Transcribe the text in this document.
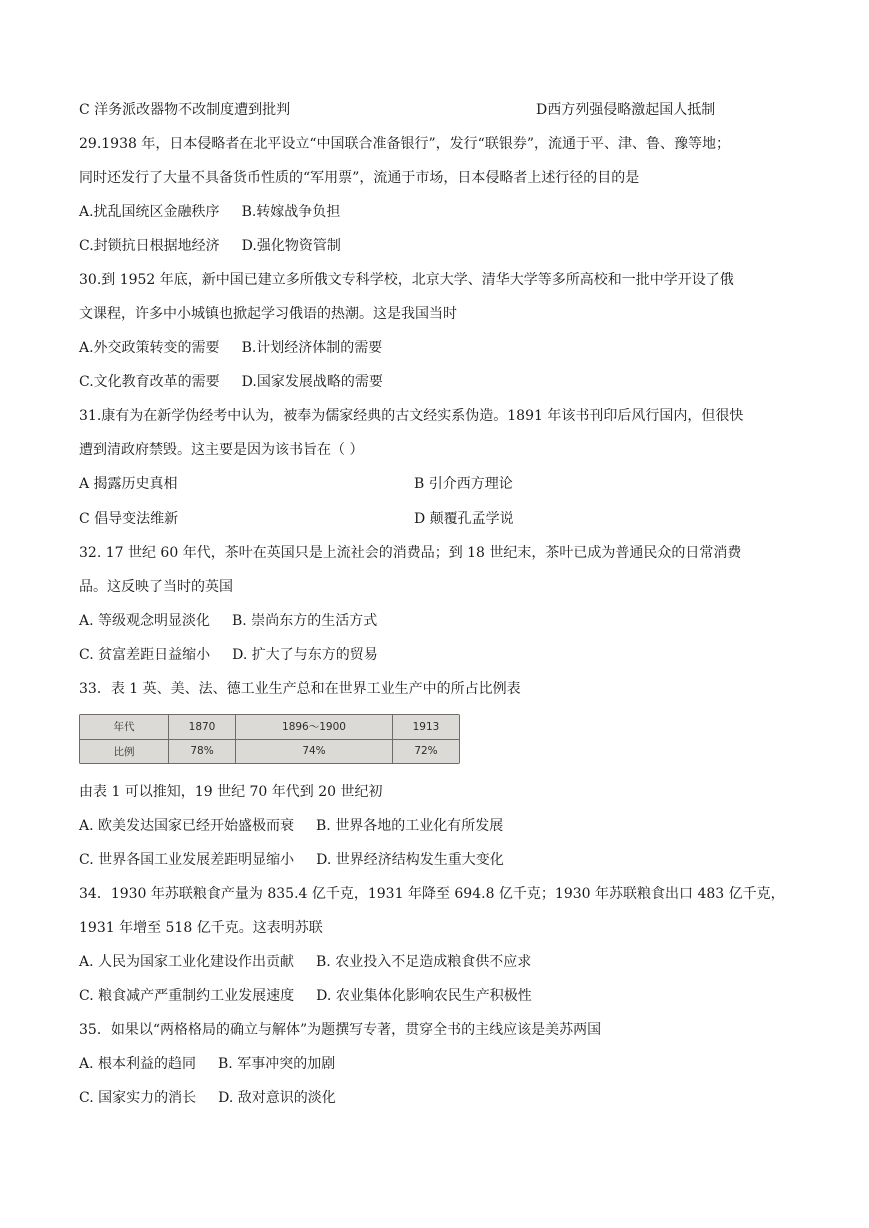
C 洋务派改器物不改制度遭到批判	D西方列强侵略激起国人抵制
29.1938 年，日本侵略者在北平设立“中国联合准备银行”，发行“联银券”，流通于平、津、鲁、豫等地；
同时还发行了大量不具备货币性质的“军用票”，流通于市场，日本侵略者上述行径的目的是
A.扰乱国统区金融秩序 B.转嫁战争负担
C.封锁抗日根据地经济 D.强化物资管制
30.到 1952 年底，新中国已建立多所俄文专科学校，北京大学、清华大学等多所高校和一批中学开设了俄
文课程，许多中小城镇也掀起学习俄语的热潮。这是我国当时
A.外交政策转变的需要 B.计划经济体制的需要
C.文化教育改革的需要 D.国家发展战略的需要
31.康有为在新学伪经考中认为，被奉为儒家经典的古文经实系伪造。1891 年该书刊印后风行国内，但很快
遭到清政府禁毁。这主要是因为该书旨在（ ）
A 揭露历史真相	B 引介西方理论
C 倡导变法维新	D 颠覆孔孟学说
32. 17 世纪 60 年代，茶叶在英国只是上流社会的消费品；到 18 世纪末，茶叶已成为普通民众的日常消费
品。这反映了当时的英国
A. 等级观念明显淡化 B. 崇尚东方的生活方式
C. 贫富差距日益缩小 D. 扩大了与东方的贸易
33．表 1 英、美、法、德工业生产总和在世界工业生产中的所占比例表
年代	1870	1896～1900	1913
比例	78%	74%	72%
由表 1 可以推知，19 世纪 70 年代到 20 世纪初
A. 欧美发达国家已经开始盛极而衰 B. 世界各地的工业化有所发展
C. 世界各国工业发展差距明显缩小 D. 世界经济结构发生重大变化
34．1930 年苏联粮食产量为 835.4 亿千克，1931 年降至 694.8 亿千克；1930 年苏联粮食出口 483 亿千克，
1931 年增至 518 亿千克。这表明苏联
A. 人民为国家工业化建设作出贡献 B. 农业投入不足造成粮食供不应求
C. 粮食减产严重制约工业发展速度 D. 农业集体化影响农民生产积极性
35．如果以“两格格局的确立与解体”为题撰写专著，贯穿全书的主线应该是美苏两国
A. 根本利益的趋同 B. 军事冲突的加剧
C. 国家实力的消长 D. 敌对意识的淡化
